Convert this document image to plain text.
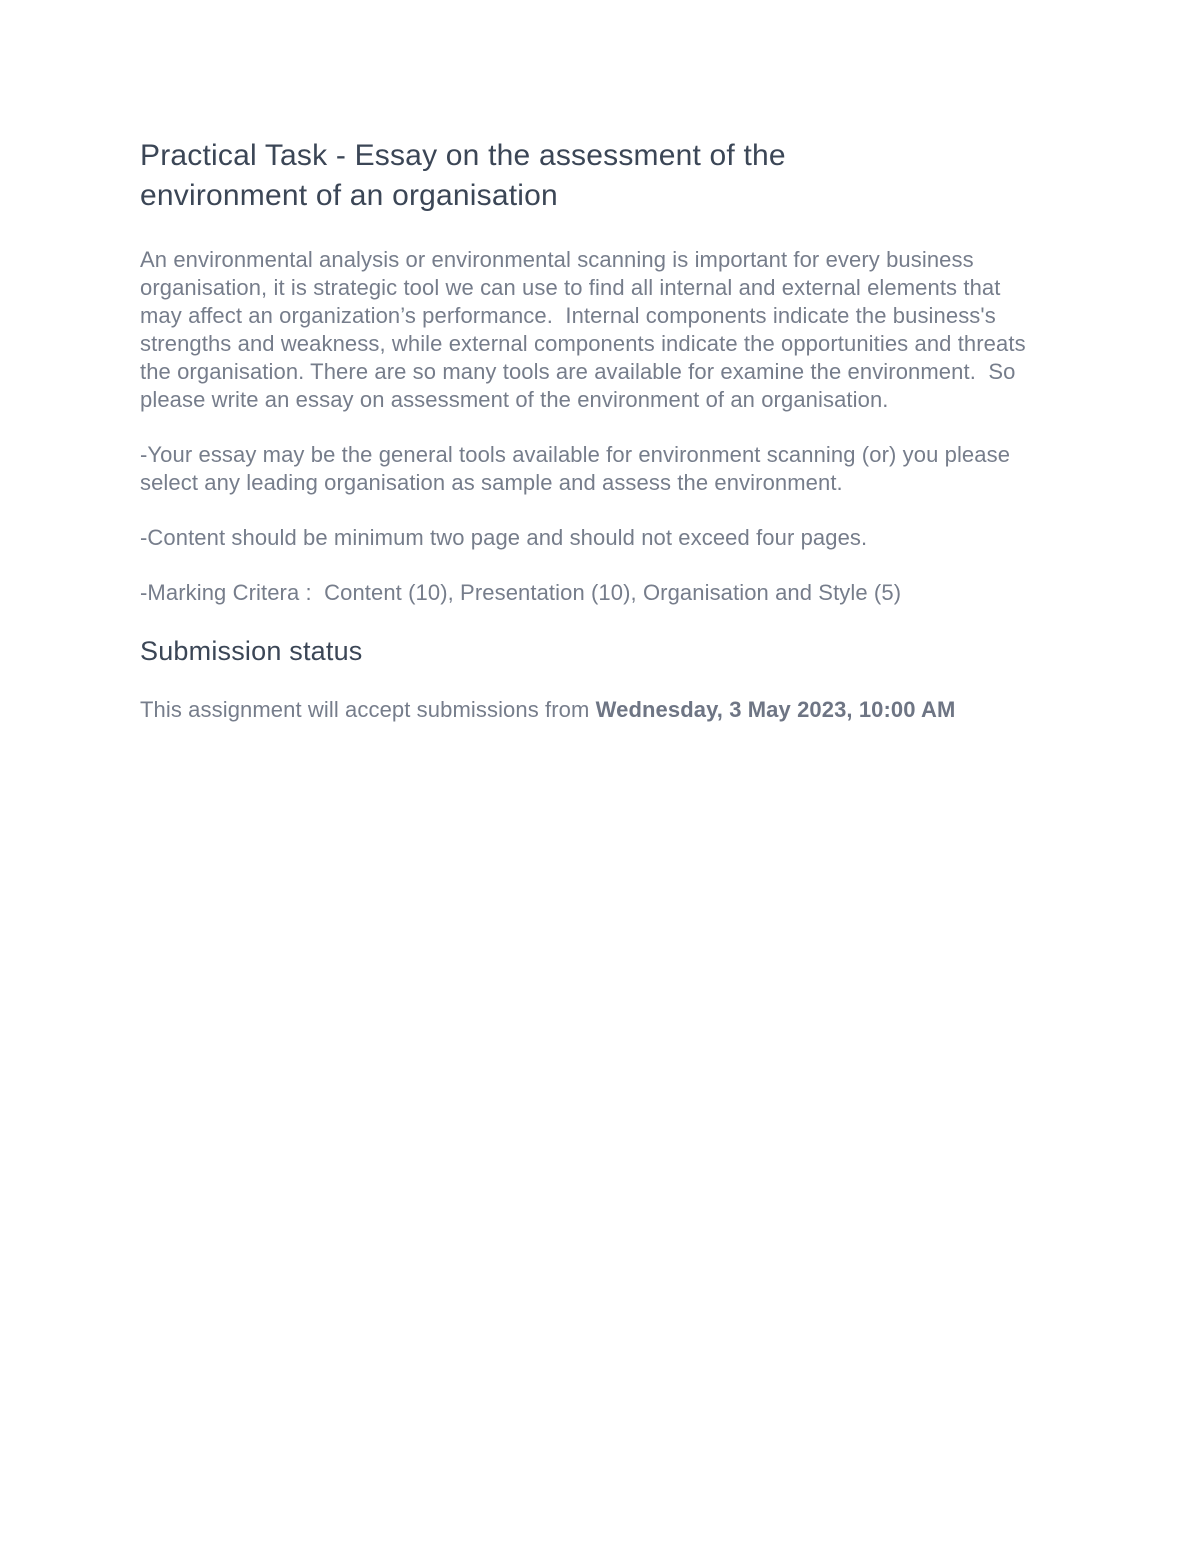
Practical Task - Essay on the assessment of the environment of an organisation

An environmental analysis or environmental scanning is important for every business organisation, it is strategic tool we can use to find all internal and external elements that may affect an organization’s performance.  Internal components indicate the business's strengths and weakness, while external components indicate the opportunities and threats the organisation. There are so many tools are available for examine the environment.  So please write an essay on assessment of the environment of an organisation.

-Your essay may be the general tools available for environment scanning (or) you please select any leading organisation as sample and assess the environment.

-Content should be minimum two page and should not exceed four pages.

-Marking Critera :  Content (10), Presentation (10), Organisation and Style (5)

Submission status

This assignment will accept submissions from Wednesday, 3 May 2023, 10:00 AM
